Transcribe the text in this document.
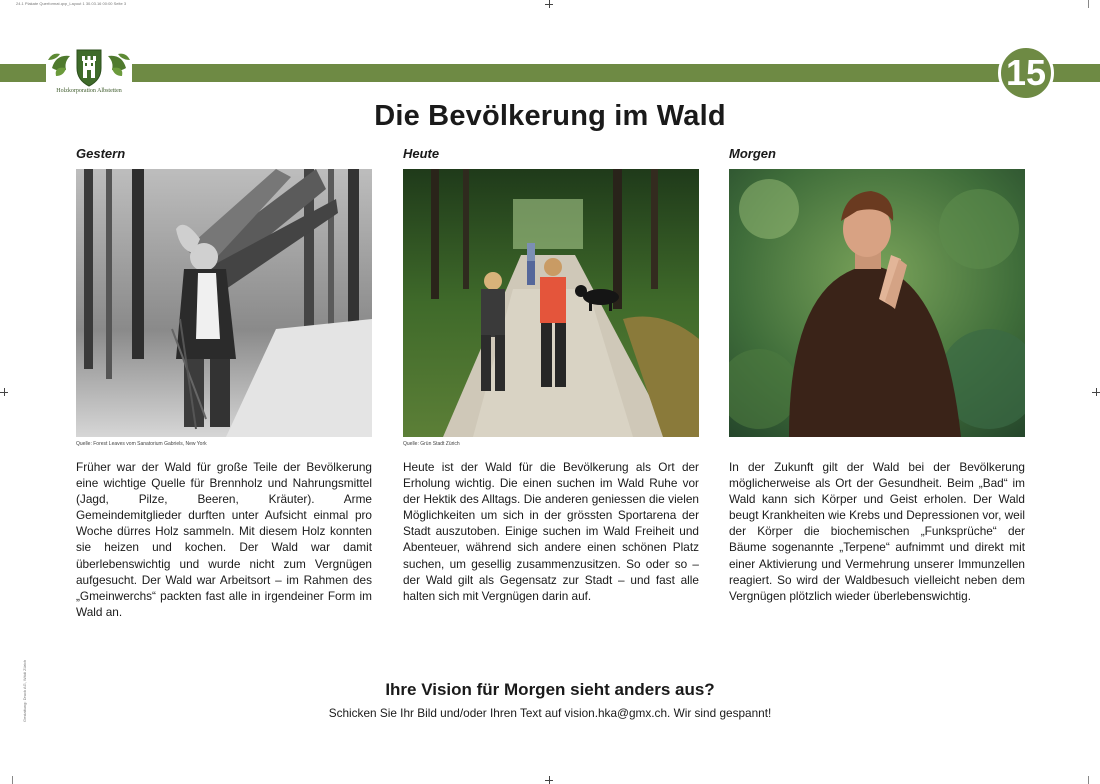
24.1 Plakate Querformat.qxp_Layout 1 30.03.16 00:00 Seite 3
Holzkorporation Albstetten	15
Die Bevölkerung im Wald
Gestern
Quelle: Forest Leaves vom Sanatorium Gabriels, New York

Früher war der Wald für große Teile der Bevölkerung eine wichtige Quelle für Brennholz und Nahrungsmittel (Jagd, Pilze, Beeren, Kräuter). Arme Gemeindemitglieder durften unter Aufsicht einmal pro Woche dürres Holz sammeln. Mit diesem Holz konnten sie heizen und kochen. Der Wald war damit überlebenswichtig und wurde nicht zum Vergnügen aufgesucht. Der Wald war Arbeitsort – im Rahmen des „Gmeinwerchs“ packten fast alle in irgendeiner Form im Wald an.

Heute
Quelle: Grün Stadt Zürich

Heute ist der Wald für die Bevölkerung als Ort der Erholung wichtig. Die einen suchen im Wald Ruhe vor der Hektik des Alltags. Die anderen geniessen die vielen Möglichkeiten um sich in der grössten Sportarena der Stadt auszutoben. Einige suchen im Wald Freiheit und Abenteuer, während sich andere einen schönen Platz suchen, um gesellig zusammenzusitzen. So oder so – der Wald gilt als Gegensatz zur Stadt – und fast alle halten sich mit Vergnügen darin auf.

Morgen

In der Zukunft gilt der Wald bei der Bevölkerung möglicherweise als Ort der Gesundheit. Beim „Bad“ im Wald kann sich Körper und Geist erholen. Der Wald beugt Krankheiten wie Krebs und Depressionen vor, weil der Körper die biochemischen „Funksprüche“ der Bäume sogenannte „Terpene“ aufnimmt und direkt mit einer Aktivierung und Vermehrung unserer Immunzellen reagiert. So wird der Waldbesuch vielleicht neben dem Vergnügen plötzlich wieder überlebenswichtig.

Ihre Vision für Morgen sieht anders aus?
Schicken Sie Ihr Bild und/oder Ihren Text auf vision.hka@gmx.ch. Wir sind gespannt!
Gestaltung: Druck AG, Wädi Zürich
